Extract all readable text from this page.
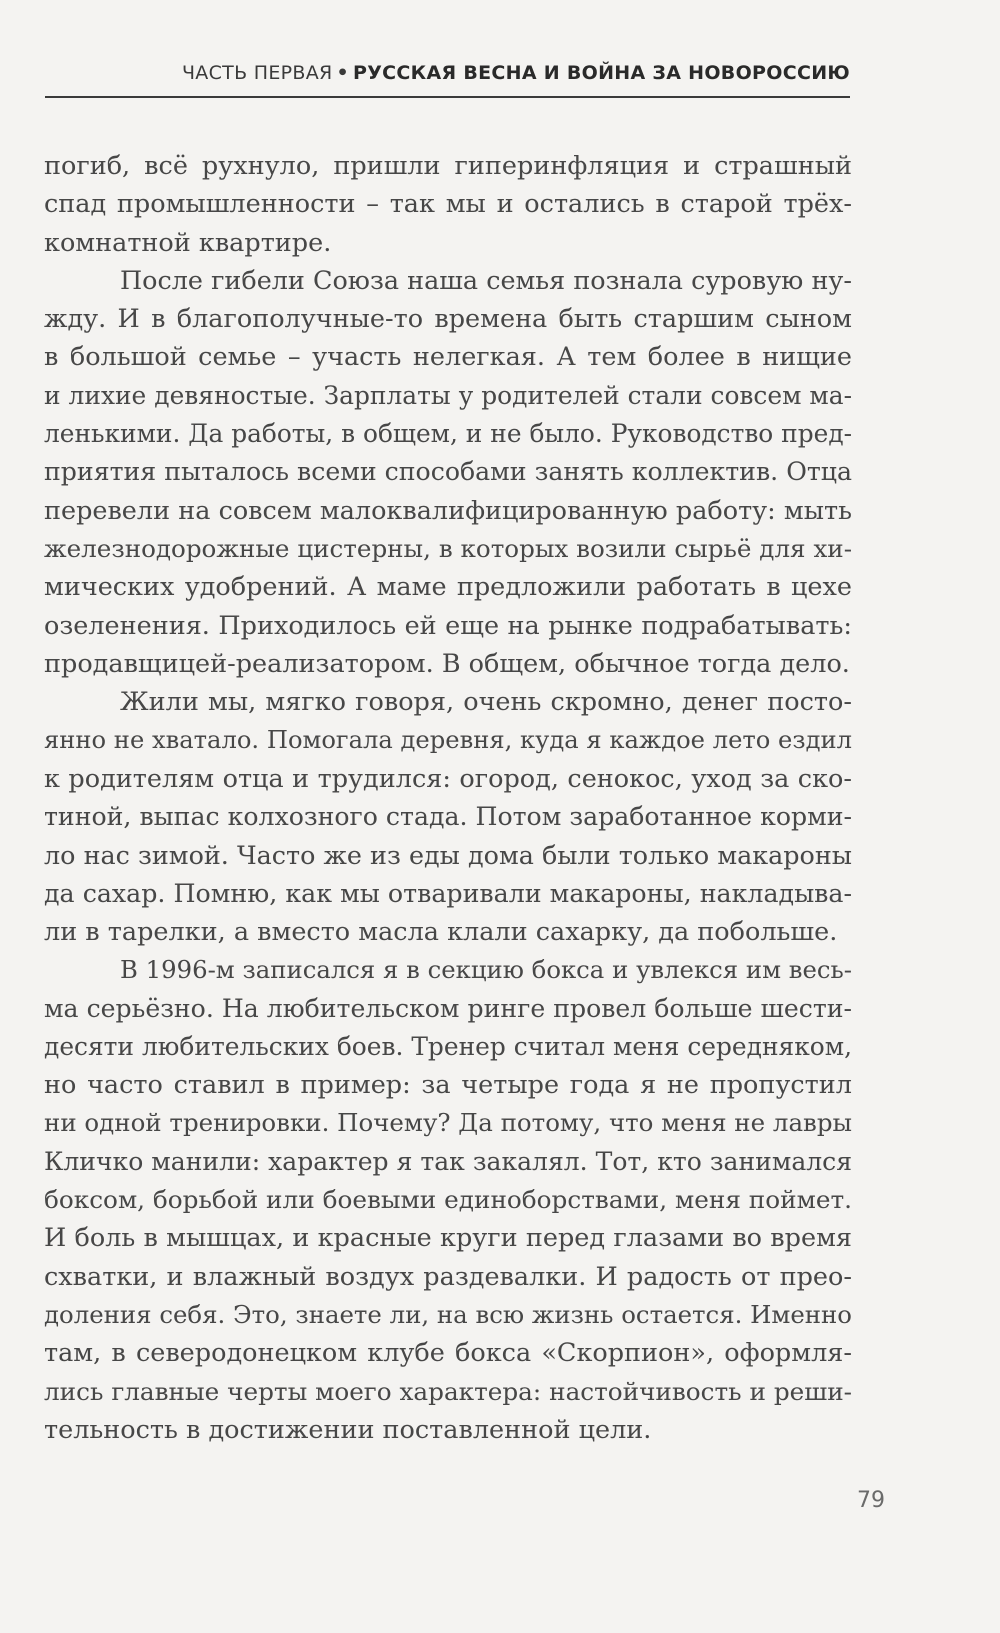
ЧАСТЬ ПЕРВАЯ • РУССКАЯ ВЕСНА И ВОЙНА ЗА НОВОРОССИЮ

погиб, всё рухнуло, пришли гиперинфляция и страшный
спад промышленности – так мы и остались в старой трёх-
комнатной квартире.

После гибели Союза наша семья познала суровую ну-
жду. И в благополучные-то времена быть старшим сыном
в большой семье – участь нелегкая. А тем более в нищие
и лихие девяностые. Зарплаты у родителей стали совсем ма-
ленькими. Да работы, в общем, и не было. Руководство пред-
приятия пыталось всеми способами занять коллектив. Отца
перевели на совсем малоквалифицированную работу: мыть
железнодорожные цистерны, в которых возили сырьё для хи-
мических удобрений. А маме предложили работать в цехе
озеленения. Приходилось ей еще на рынке подрабатывать:
продавщицей-реализатором. В общем, обычное тогда дело.

Жили мы, мягко говоря, очень скромно, денег посто-
янно не хватало. Помогала деревня, куда я каждое лето ездил
к родителям отца и трудился: огород, сенокос, уход за ско-
тиной, выпас колхозного стада. Потом заработанное корми-
ло нас зимой. Часто же из еды дома были только макароны
да сахар. Помню, как мы отваривали макароны, накладыва-
ли в тарелки, а вместо масла клали сахарку, да побольше.

В 1996-м записался я в секцию бокса и увлекся им весь-
ма серьёзно. На любительском ринге провел больше шести-
десяти любительских боев. Тренер считал меня середняком,
но часто ставил в пример: за четыре года я не пропустил
ни одной тренировки. Почему? Да потому, что меня не лавры
Кличко манили: характер я так закалял. Тот, кто занимался
боксом, борьбой или боевыми единоборствами, меня поймет.
И боль в мышцах, и красные круги перед глазами во время
схватки, и влажный воздух раздевалки. И радость от прео-
доления себя. Это, знаете ли, на всю жизнь остается. Именно
там, в северодонецком клубе бокса «Скорпион», оформля-
лись главные черты моего характера: настойчивость и реши-
тельность в достижении поставленной цели.

79
